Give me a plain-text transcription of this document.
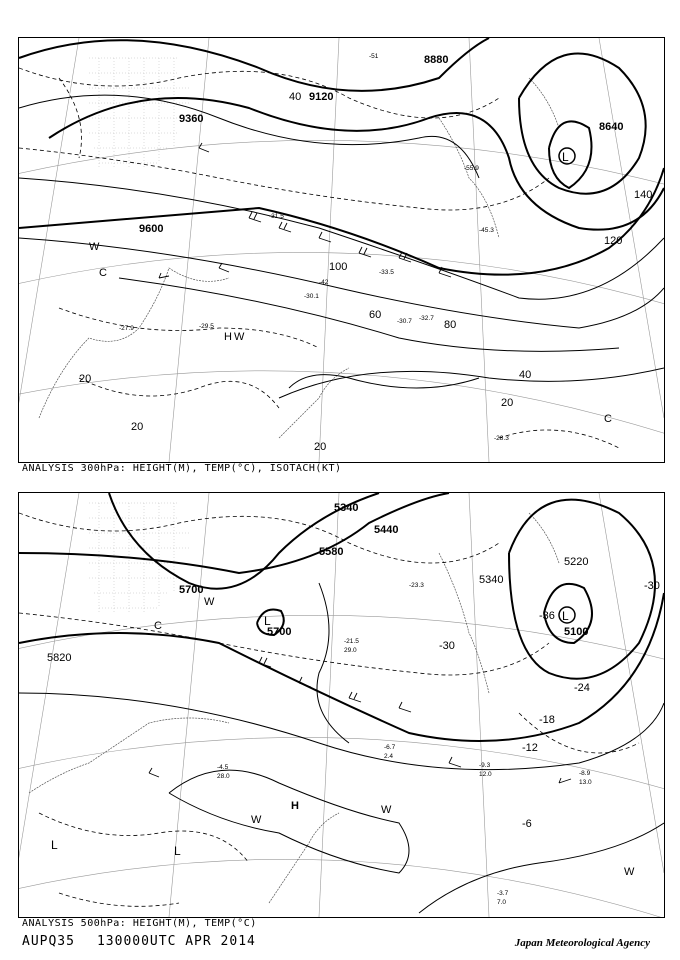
9120
9360
9600
8640
8880
40
60
80
100
120
140
20	40
20
20
20
L
W
C
H W
C
-28.3
-30.7
-31.5
-32.7
-33.5
-45.3
-51
-55.9
-27.9
-42
-30.1
-29.5
ANALYSIS 300hPa: HEIGHT(M), TEMP(°C), ISOTACH(KT)
5340
5440
5580
5700
5700
5820
5220
5100
5340
-36
-30
-30
-24
-18
-12
-6
L
L
L	L
W
C
W
W
W
H
-3.7
7.0
-8.9
13.0
-9.3
12.0
-6.7
2.4
-4.5
28.0
-21.5
29.0
-23.3
ANALYSIS 500hPa: HEIGHT(M), TEMP(°C)
AUPQ35 130000UTC APR 2014	Japan Meteorological Agency
